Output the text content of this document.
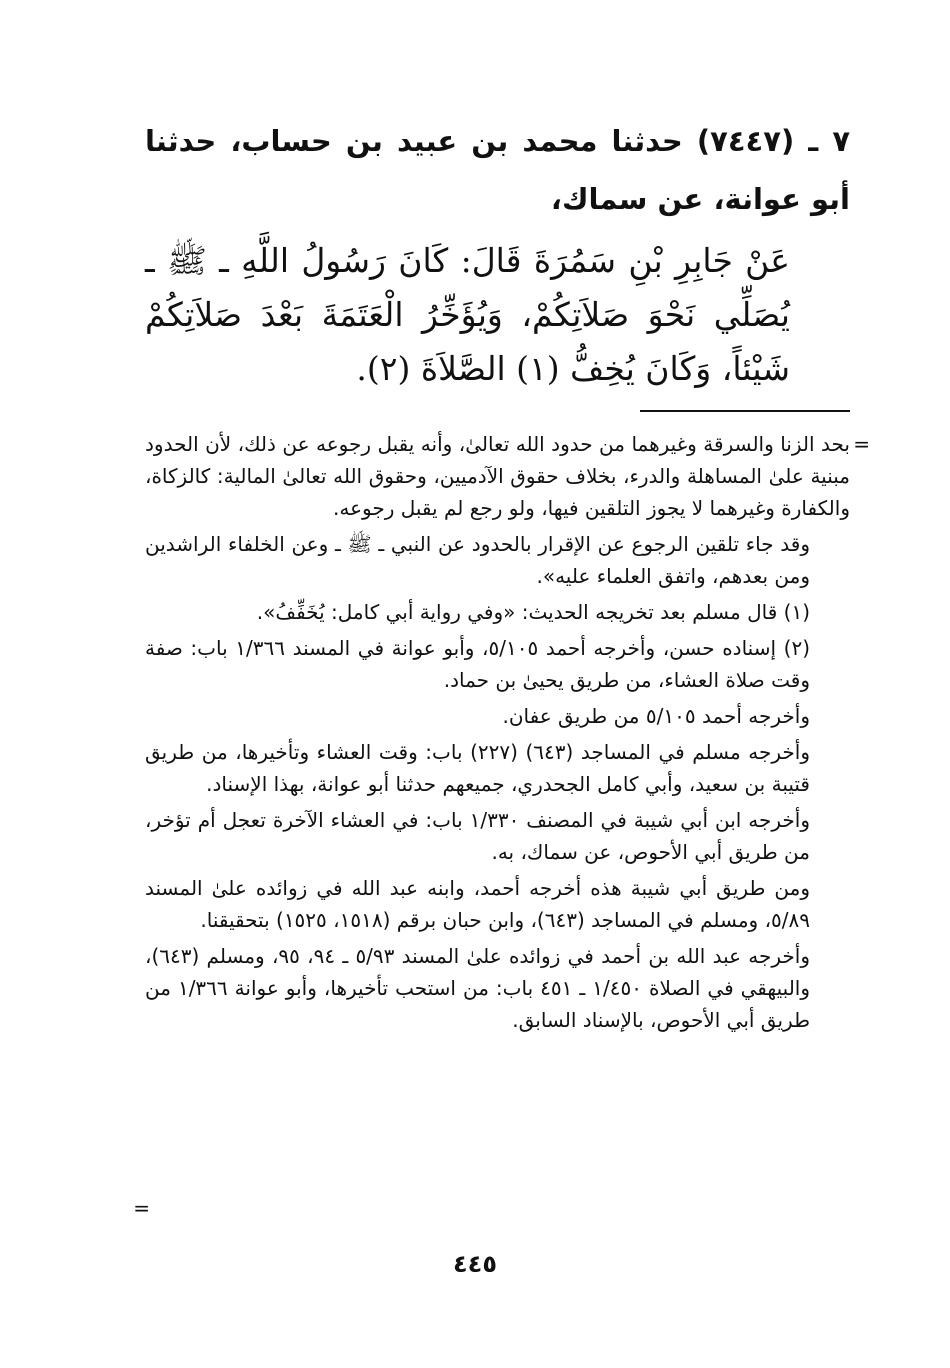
٧ ـ (٧٤٤٧) حدثنا محمد بن عبيد بن حساب، حدثنا أبو عوانة، عن سماك،

عَنْ جَابِرِ بْنِ سَمُرَةَ قَالَ: كَانَ رَسُولُ اللَّهِ ـ ﷺ ـ يُصَلِّي نَحْوَ صَلاَتِكُمْ، وَيُؤَخِّرُ الْعَتَمَةَ بَعْدَ صَلاَتِكُمْ شَيْئاً، وَكَانَ يُخِفُّ (١) الصَّلاَةَ (٢).

=

بحد الزنا والسرقة وغيرهما من حدود الله تعالىٰ، وأنه يقبل رجوعه عن ذلك، لأن الحدود مبنية علىٰ المساهلة والدرء، بخلاف حقوق الآدميين، وحقوق الله تعالىٰ المالية: كالزكاة، والكفارة وغيرهما لا يجوز التلقين فيها، ولو رجع لم يقبل رجوعه.

وقد جاء تلقين الرجوع عن الإقرار بالحدود عن النبي ـ ﷺ ـ وعن الخلفاء الراشدين ومن بعدهم، واتفق العلماء عليه».

(١) قال مسلم بعد تخريجه الحديث: «وفي رواية أبي كامل: يُخَفِّفُ».

(٢) إسناده حسن، وأخرجه أحمد ٥/١٠٥، وأبو عوانة في المسند ١/٣٦٦ باب: صفة وقت صلاة العشاء، من طريق يحيىٰ بن حماد.

وأخرجه أحمد ٥/١٠٥ من طريق عفان.

وأخرجه مسلم في المساجد (٦٤٣) (٢٢٧) باب: وقت العشاء وتأخيرها، من طريق قتيبة بن سعيد، وأبي كامل الجحدري، جميعهم حدثنا أبو عوانة، بهذا الإسناد.

وأخرجه ابن أبي شيبة في المصنف ١/٣٣٠ باب: في العشاء الآخرة تعجل أم تؤخر، من طريق أبي الأحوص، عن سماك، به.

ومن طريق أبي شيبة هذه أخرجه أحمد، وابنه عبد الله في زوائده علىٰ المسند ٥/٨٩، ومسلم في المساجد (٦٤٣)، وابن حبان برقم (١٥١٨، ١٥٢٥) بتحقيقنا.

وأخرجه عبد الله بن أحمد في زوائده علىٰ المسند ٥/٩٣ ـ ٩٤، ٩٥، ومسلم (٦٤٣)، والبيهقي في الصلاة ١/٤٥٠ ـ ٤٥١ باب: من استحب تأخيرها، وأبو عوانة ١/٣٦٦ من طريق أبي الأحوص، بالإسناد السابق.

=
٤٤٥
